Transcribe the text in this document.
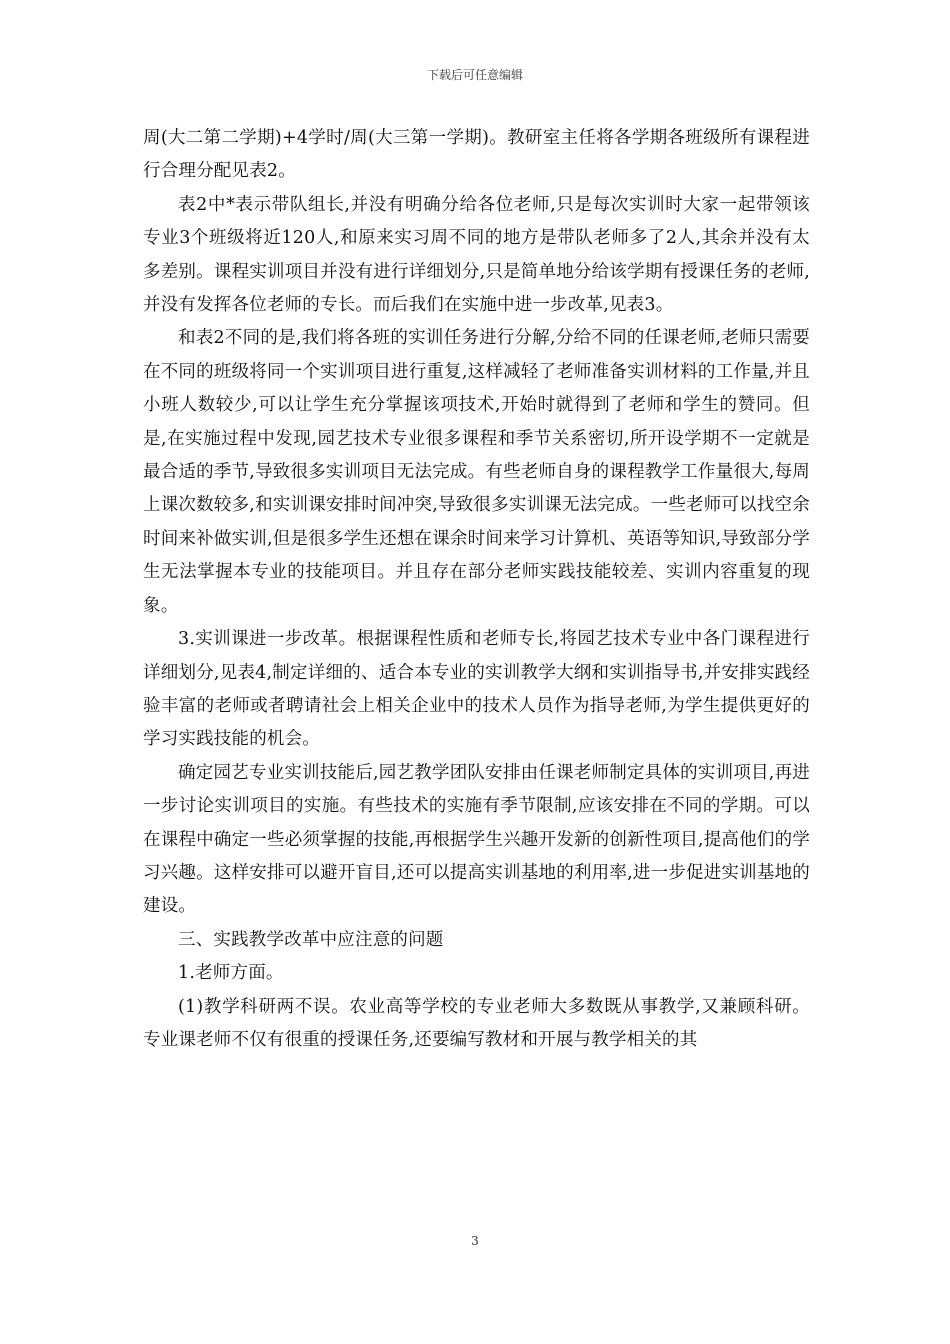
下载后可任意编辑

周(大二第二学期)+4学时/周(大三第一学期)。教研室主任将各学期各班级所有课程进行合理分配见表2。

表2中*表示带队组长,并没有明确分给各位老师,只是每次实训时大家一起带领该专业3个班级将近120人,和原来实习周不同的地方是带队老师多了2人,其余并没有太多差别。课程实训项目并没有进行详细划分,只是简单地分给该学期有授课任务的老师,并没有发挥各位老师的专长。而后我们在实施中进一步改革,见表3。

和表2不同的是,我们将各班的实训任务进行分解,分给不同的任课老师,老师只需要在不同的班级将同一个实训项目进行重复,这样减轻了老师准备实训材料的工作量,并且小班人数较少,可以让学生充分掌握该项技术,开始时就得到了老师和学生的赞同。但是,在实施过程中发现,园艺技术专业很多课程和季节关系密切,所开设学期不一定就是最合适的季节,导致很多实训项目无法完成。有些老师自身的课程教学工作量很大,每周上课次数较多,和实训课安排时间冲突,导致很多实训课无法完成。一些老师可以找空余时间来补做实训,但是很多学生还想在课余时间来学习计算机、英语等知识,导致部分学生无法掌握本专业的技能项目。并且存在部分老师实践技能较差、实训内容重复的现象。

3.实训课进一步改革。根据课程性质和老师专长,将园艺技术专业中各门课程进行详细划分,见表4,制定详细的、适合本专业的实训教学大纲和实训指导书,并安排实践经验丰富的老师或者聘请社会上相关企业中的技术人员作为指导老师,为学生提供更好的学习实践技能的机会。

确定园艺专业实训技能后,园艺教学团队安排由任课老师制定具体的实训项目,再进一步讨论实训项目的实施。有些技术的实施有季节限制,应该安排在不同的学期。可以在课程中确定一些必须掌握的技能,再根据学生兴趣开发新的创新性项目,提高他们的学习兴趣。这样安排可以避开盲目,还可以提高实训基地的利用率,进一步促进实训基地的建设。

三、实践教学改革中应注意的问题

1.老师方面。

(1)教学科研两不误。农业高等学校的专业老师大多数既从事教学,又兼顾科研。专业课老师不仅有很重的授课任务,还要编写教材和开展与教学相关的其

3
